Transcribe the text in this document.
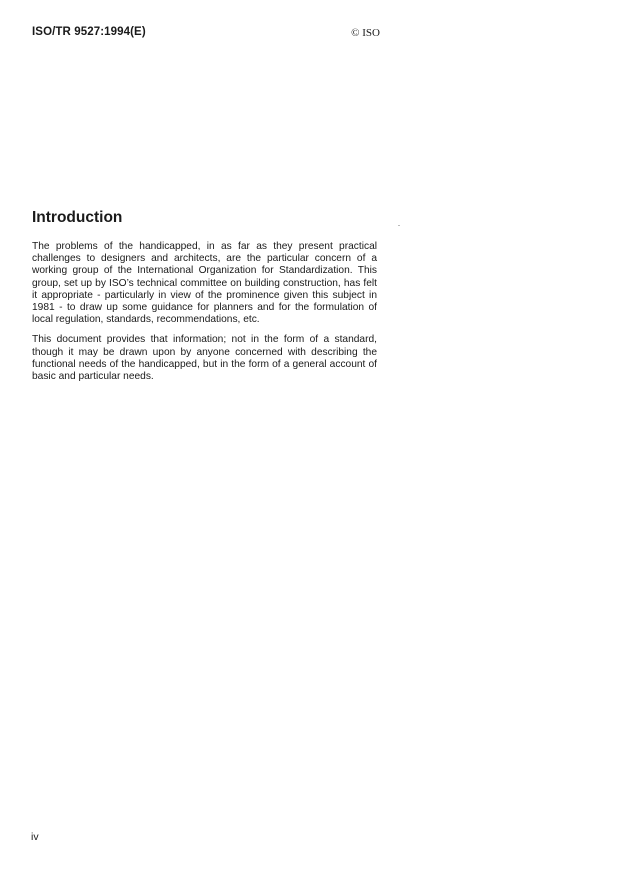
ISO/TR 9527:1994(E)	© ISO
Introduction

The problems of the handicapped, in as far as they present practical challenges to designers and architects, are the particular concern of a working group of the International Organization for Standardization. This group, set up by ISO’s technical committee on building construction, has felt it appropriate - particularly in view of the prominence given this subject in 1981 - to draw up some guidance for planners and for the formulation of local regulation, standards, recommendations, etc.

This document provides that information; not in the form of a standard, though it may be drawn upon by anyone concerned with describing the functional needs of the handicapped, but in the form of a general account of basic and particular needs.

iv
